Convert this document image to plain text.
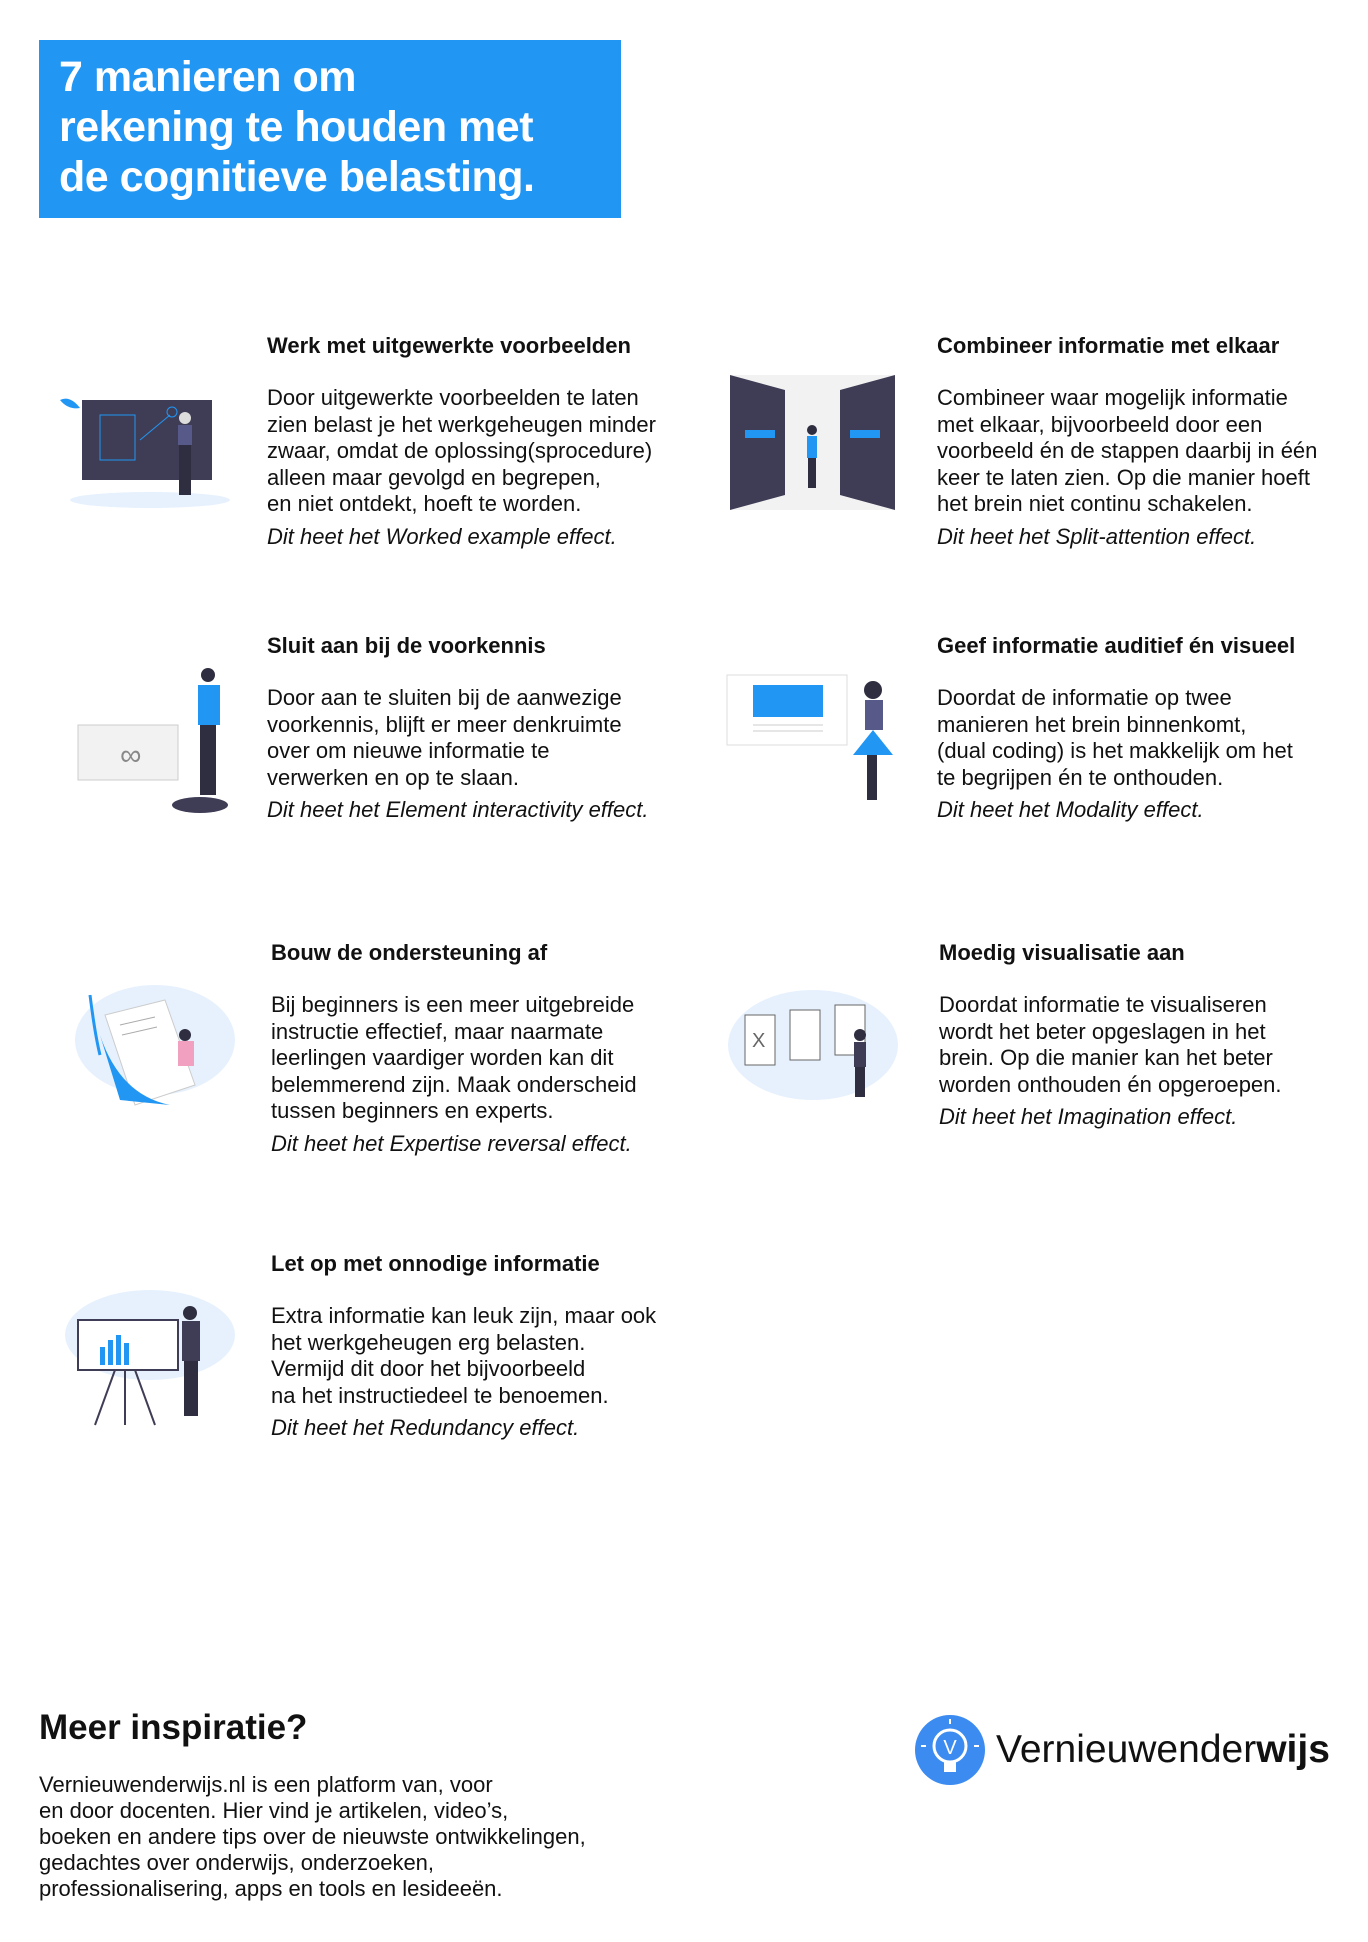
7 manieren om
rekening te houden met
de cognitieve belasting.
∞
X
Werk met uitgewerkte voorbeelden

Door uitgewerkte voorbeelden te laten

zien belast je het werkgeheugen minder

zwaar, omdat de oplossing(sprocedure)

alleen maar gevolgd en begrepen,

en niet ontdekt, hoeft te worden.

Dit heet het Worked example effect.

Combineer informatie met elkaar

Combineer waar mogelijk informatie

met elkaar, bijvoorbeeld door een

voorbeeld én de stappen daarbij in één

keer te laten zien. Op die manier hoeft

het brein niet continu schakelen.

Dit heet het Split-attention effect.

Sluit aan bij de voorkennis

Door aan te sluiten bij de aanwezige

voorkennis, blijft er meer denkruimte

over om nieuwe informatie te

verwerken en op te slaan.

Dit heet het Element interactivity effect.

Geef informatie auditief én visueel

Doordat de informatie op twee

manieren het brein binnenkomt,

(dual coding) is het makkelijk om het

te begrijpen én te onthouden.

Dit heet het Modality effect.

Bouw de ondersteuning af

Bij beginners is een meer uitgebreide

instructie effectief, maar naarmate

leerlingen vaardiger worden kan dit

belemmerend zijn. Maak onderscheid

tussen beginners en experts.

Dit heet het Expertise reversal effect.

Moedig visualisatie aan

Doordat informatie te visualiseren

wordt het beter opgeslagen in het

brein. Op die manier kan het beter

worden onthouden én opgeroepen.

Dit heet het Imagination effect.

Let op met onnodige informatie

Extra informatie kan leuk zijn, maar ook

het werkgeheugen erg belasten.

Vermijd dit door het bijvoorbeeld

na het instructiedeel te benoemen.

Dit heet het Redundancy effect.

Meer inspiratie?
Vernieuwenderwijs.nl is een platform van, voor
en door docenten. Hier vind je artikelen, video’s,
boeken en andere tips over de nieuwste ontwikkelingen,
gedachtes over onderwijs, onderzoeken,
professionalisering, apps en tools en lesideeën.
V Vernieuwenderwijs
